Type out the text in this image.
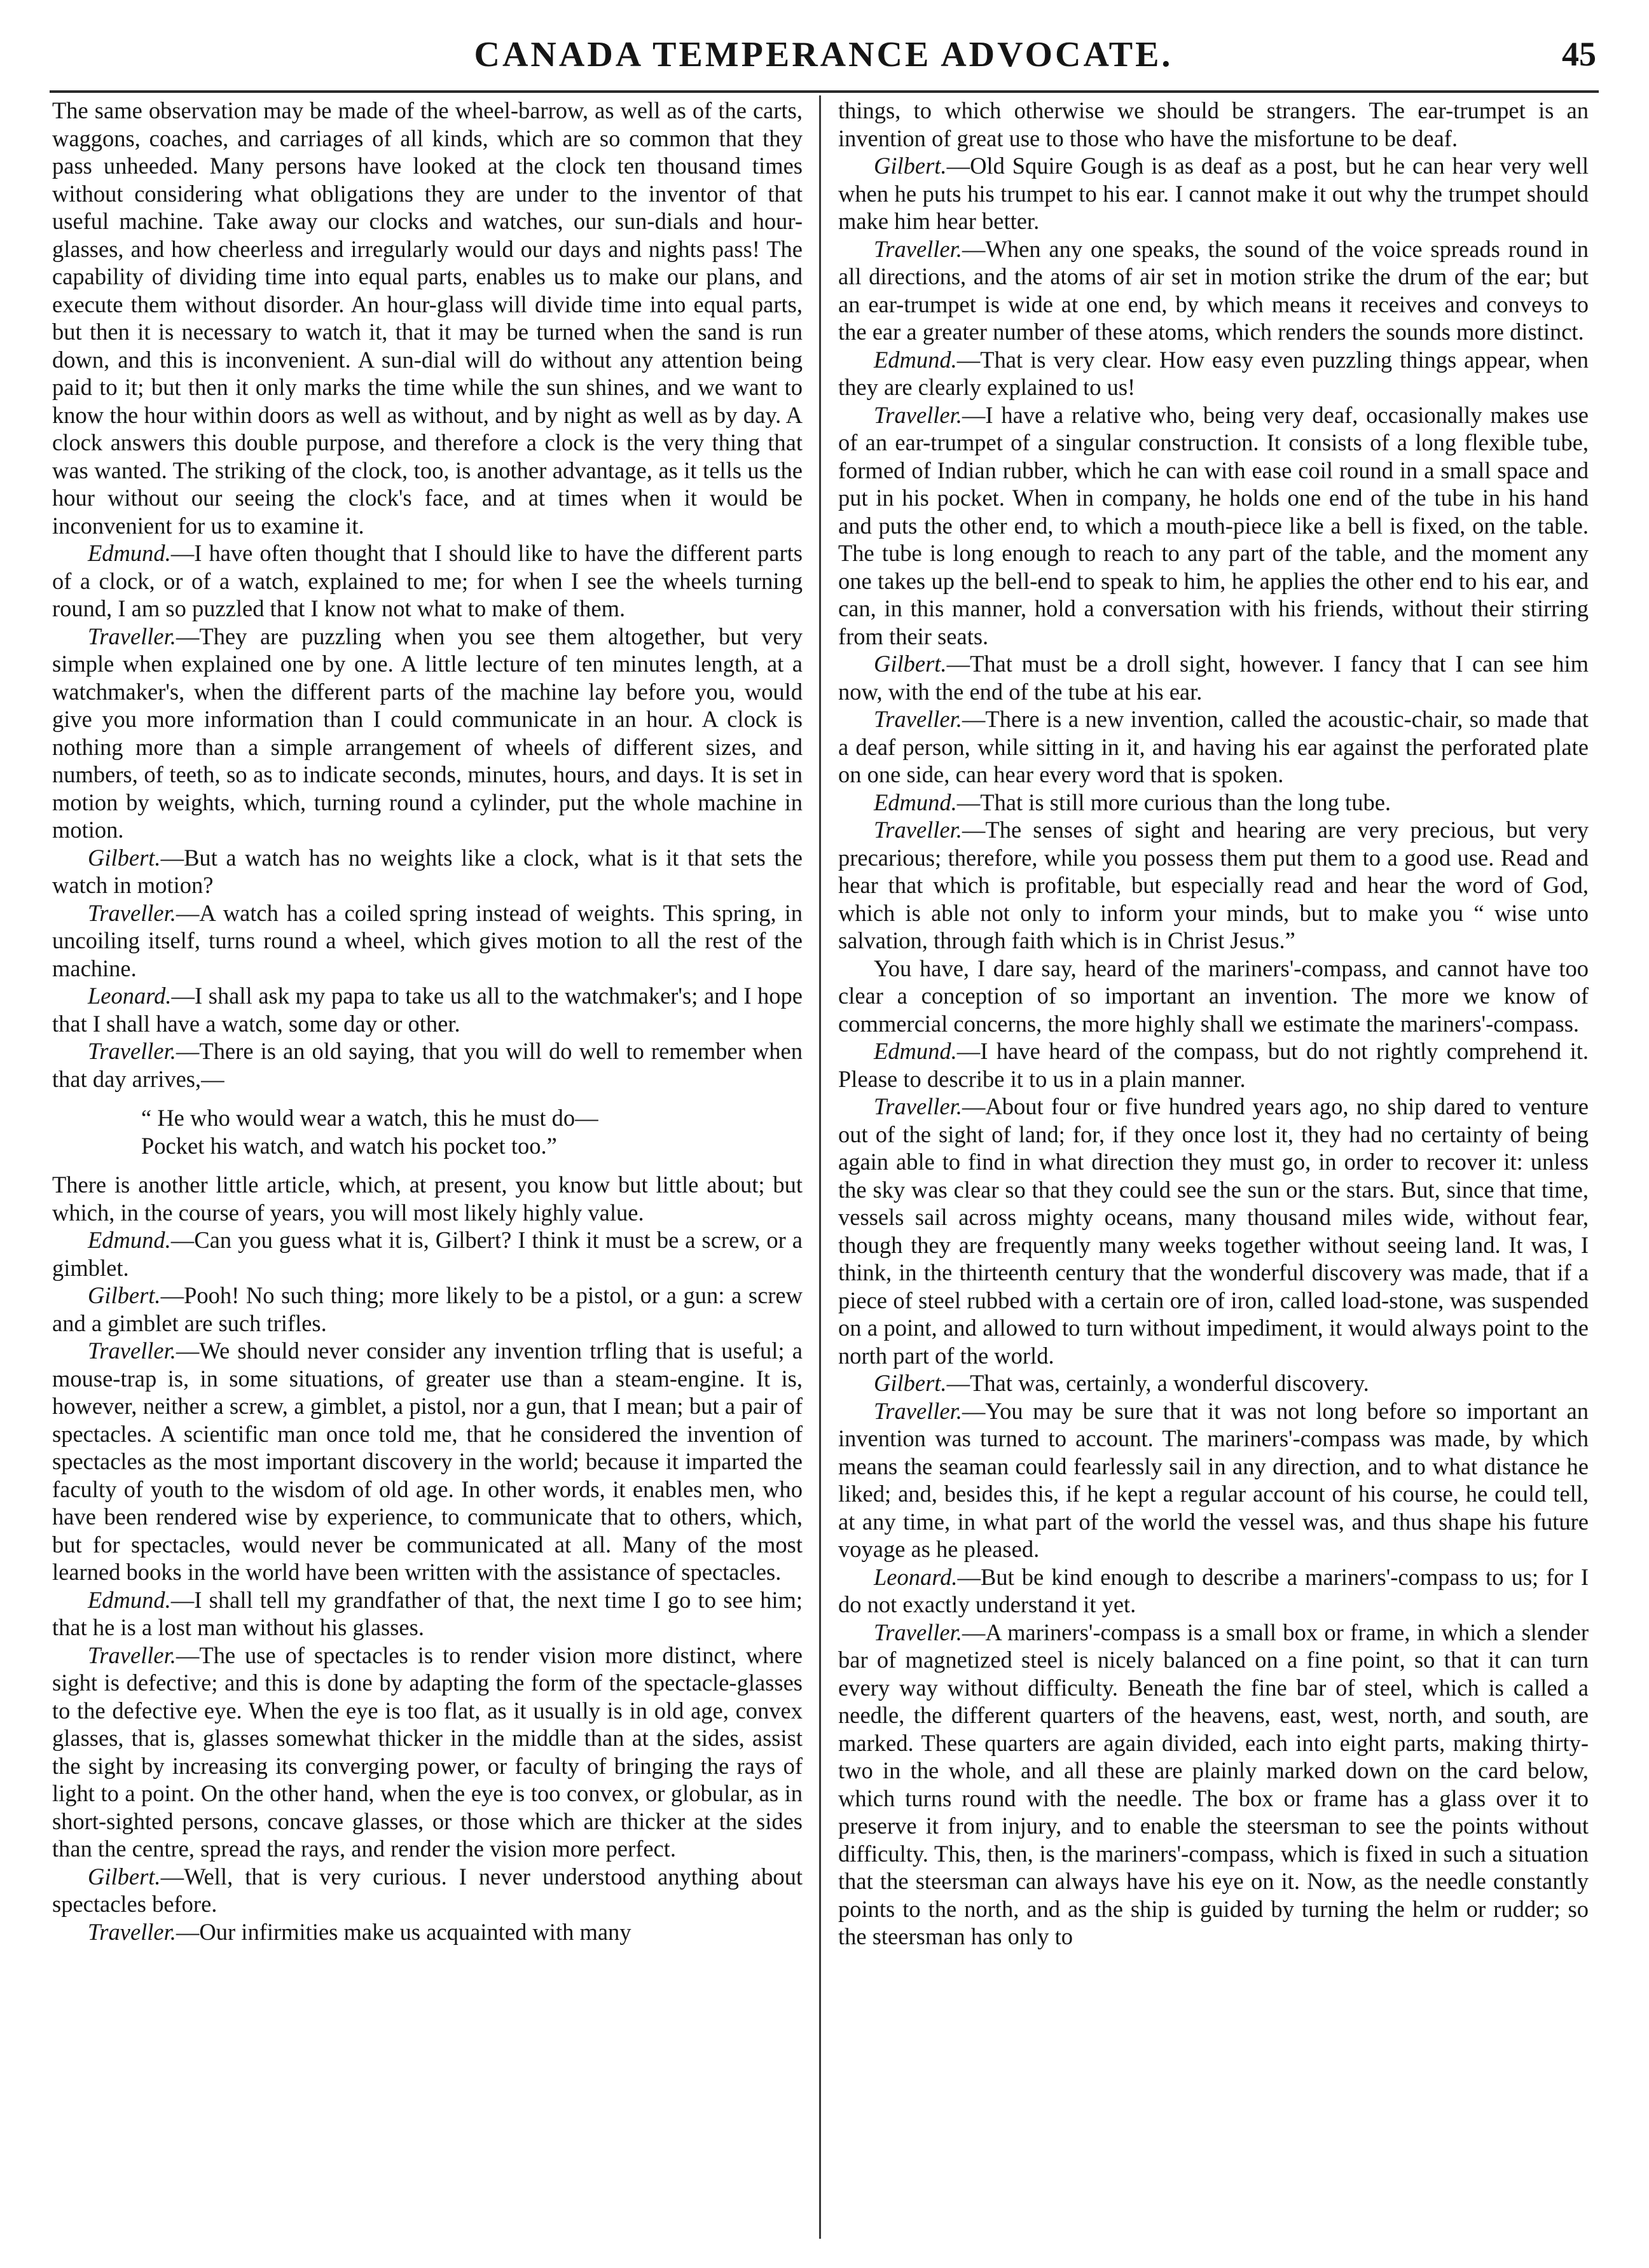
CANADA TEMPERANCE ADVOCATE.	45

The same observation may be made of the wheel-barrow, as well as of the carts, waggons, coaches, and carriages of all kinds, which are so common that they pass unheeded. Many persons have looked at the clock ten thousand times without considering what obligations they are under to the inventor of that useful machine. Take away our clocks and watches, our sun-dials and hour-glasses, and how cheerless and irregularly would our days and nights pass! The capability of dividing time into equal parts, enables us to make our plans, and execute them without disorder. An hour-glass will divide time into equal parts, but then it is necessary to watch it, that it may be turned when the sand is run down, and this is inconvenient. A sun-dial will do without any attention being paid to it; but then it only marks the time while the sun shines, and we want to know the hour within doors as well as without, and by night as well as by day. A clock answers this double purpose, and therefore a clock is the very thing that was wanted. The striking of the clock, too, is another advantage, as it tells us the hour without our seeing the clock's face, and at times when it would be inconvenient for us to examine it.

Edmund.—I have often thought that I should like to have the different parts of a clock, or of a watch, explained to me; for when I see the wheels turning round, I am so puzzled that I know not what to make of them.

Traveller.—They are puzzling when you see them altogether, but very simple when explained one by one. A little lecture of ten minutes length, at a watchmaker's, when the different parts of the machine lay before you, would give you more information than I could communicate in an hour. A clock is nothing more than a simple arrangement of wheels of different sizes, and numbers, of teeth, so as to indicate seconds, minutes, hours, and days. It is set in motion by weights, which, turning round a cylinder, put the whole machine in motion.

Gilbert.—But a watch has no weights like a clock, what is it that sets the watch in motion?

Traveller.—A watch has a coiled spring instead of weights. This spring, in uncoiling itself, turns round a wheel, which gives motion to all the rest of the machine.

Leonard.—I shall ask my papa to take us all to the watchmaker's; and I hope that I shall have a watch, some day or other.

Traveller.—There is an old saying, that you will do well to remember when that day arrives,—

“ He who would wear a watch, this he must do—
Pocket his watch, and watch his pocket too.”

There is another little article, which, at present, you know but little about; but which, in the course of years, you will most likely highly value.

Edmund.—Can you guess what it is, Gilbert? I think it must be a screw, or a gimblet.

Gilbert.—Pooh! No such thing; more likely to be a pistol, or a gun: a screw and a gimblet are such trifles.

Traveller.—We should never consider any invention trfling that is useful; a mouse-trap is, in some situations, of greater use than a steam-engine. It is, however, neither a screw, a gimblet, a pistol, nor a gun, that I mean; but a pair of spectacles. A scientific man once told me, that he considered the invention of spectacles as the most important discovery in the world; because it imparted the faculty of youth to the wisdom of old age. In other words, it enables men, who have been rendered wise by experience, to communicate that to others, which, but for spectacles, would never be communicated at all. Many of the most learned books in the world have been written with the assistance of spectacles.

Edmund.—I shall tell my grandfather of that, the next time I go to see him; that he is a lost man without his glasses.

Traveller.—The use of spectacles is to render vision more distinct, where sight is defective; and this is done by adapting the form of the spectacle-glasses to the defective eye. When the eye is too flat, as it usually is in old age, convex glasses, that is, glasses somewhat thicker in the middle than at the sides, assist the sight by increasing its converging power, or faculty of bringing the rays of light to a point. On the other hand, when the eye is too convex, or globular, as in short-sighted persons, concave glasses, or those which are thicker at the sides than the centre, spread the rays, and render the vision more perfect.

Gilbert.—Well, that is very curious. I never understood anything about spectacles before.

Traveller.—Our infirmities make us acquainted with many

things, to which otherwise we should be strangers. The ear-trumpet is an invention of great use to those who have the misfortune to be deaf.

Gilbert.—Old Squire Gough is as deaf as a post, but he can hear very well when he puts his trumpet to his ear. I cannot make it out why the trumpet should make him hear better.

Traveller.—When any one speaks, the sound of the voice spreads round in all directions, and the atoms of air set in motion strike the drum of the ear; but an ear-trumpet is wide at one end, by which means it receives and conveys to the ear a greater number of these atoms, which renders the sounds more distinct.

Edmund.—That is very clear. How easy even puzzling things appear, when they are clearly explained to us!

Traveller.—I have a relative who, being very deaf, occasionally makes use of an ear-trumpet of a singular construction. It consists of a long flexible tube, formed of Indian rubber, which he can with ease coil round in a small space and put in his pocket. When in company, he holds one end of the tube in his hand and puts the other end, to which a mouth-piece like a bell is fixed, on the table. The tube is long enough to reach to any part of the table, and the moment any one takes up the bell-end to speak to him, he applies the other end to his ear, and can, in this manner, hold a conversation with his friends, without their stirring from their seats.

Gilbert.—That must be a droll sight, however. I fancy that I can see him now, with the end of the tube at his ear.

Traveller.—There is a new invention, called the acoustic-chair, so made that a deaf person, while sitting in it, and having his ear against the perforated plate on one side, can hear every word that is spoken.

Edmund.—That is still more curious than the long tube.

Traveller.—The senses of sight and hearing are very precious, but very precarious; therefore, while you possess them put them to a good use. Read and hear that which is profitable, but especially read and hear the word of God, which is able not only to inform your minds, but to make you “ wise unto salvation, through faith which is in Christ Jesus.”

You have, I dare say, heard of the mariners'-compass, and cannot have too clear a conception of so important an invention. The more we know of commercial concerns, the more highly shall we estimate the mariners'-compass.

Edmund.—I have heard of the compass, but do not rightly comprehend it. Please to describe it to us in a plain manner.

Traveller.—About four or five hundred years ago, no ship dared to venture out of the sight of land; for, if they once lost it, they had no certainty of being again able to find in what direction they must go, in order to recover it: unless the sky was clear so that they could see the sun or the stars. But, since that time, vessels sail across mighty oceans, many thousand miles wide, without fear, though they are frequently many weeks together without seeing land. It was, I think, in the thirteenth century that the wonderful discovery was made, that if a piece of steel rubbed with a certain ore of iron, called load-stone, was suspended on a point, and allowed to turn without impediment, it would always point to the north part of the world.

Gilbert.—That was, certainly, a wonderful discovery.

Traveller.—You may be sure that it was not long before so important an invention was turned to account. The mariners'-compass was made, by which means the seaman could fearlessly sail in any direction, and to what distance he liked; and, besides this, if he kept a regular account of his course, he could tell, at any time, in what part of the world the vessel was, and thus shape his future voyage as he pleased.

Leonard.—But be kind enough to describe a mariners'-compass to us; for I do not exactly understand it yet.

Traveller.—A mariners'-compass is a small box or frame, in which a slender bar of magnetized steel is nicely balanced on a fine point, so that it can turn every way without difficulty. Beneath the fine bar of steel, which is called a needle, the different quarters of the heavens, east, west, north, and south, are marked. These quarters are again divided, each into eight parts, making thirty-two in the whole, and all these are plainly marked down on the card below, which turns round with the needle. The box or frame has a glass over it to preserve it from injury, and to enable the steersman to see the points without difficulty. This, then, is the mariners'-compass, which is fixed in such a situation that the steersman can always have his eye on it. Now, as the needle constantly points to the north, and as the ship is guided by turning the helm or rudder; so the steersman has only to
